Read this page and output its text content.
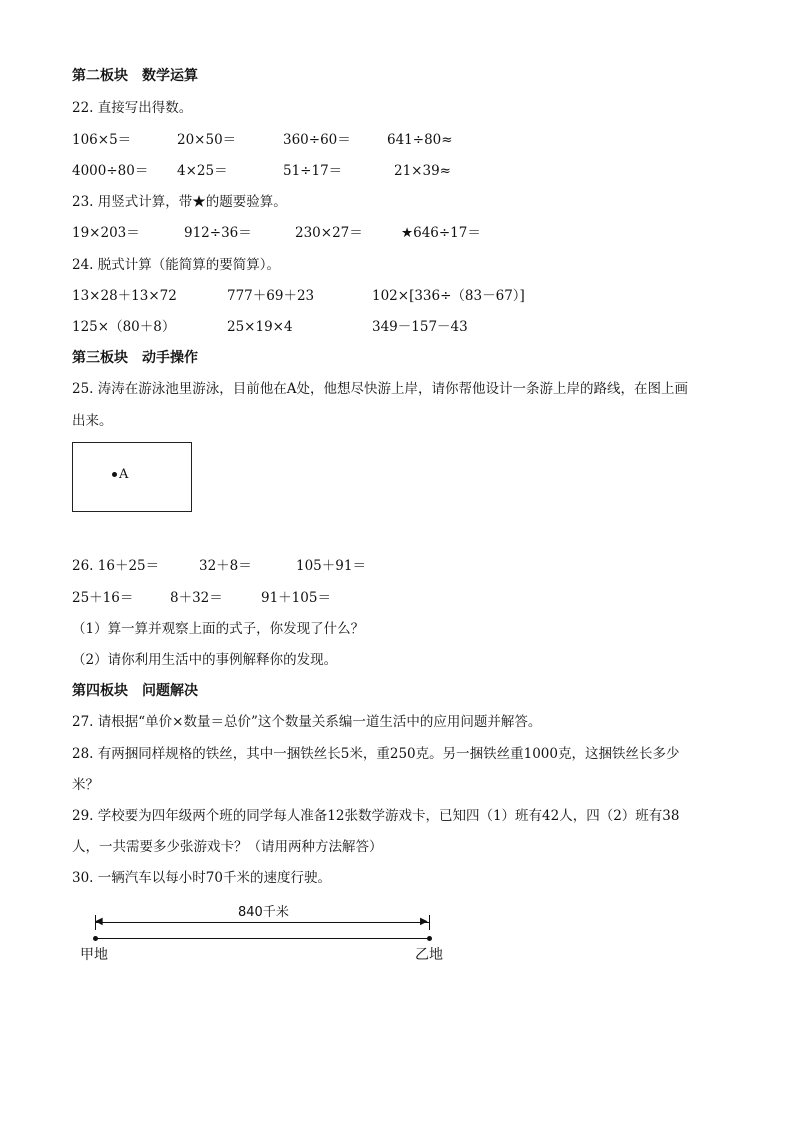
第二板块　数学运算
22. 直接写出得数。
106×5＝	20×50＝	360÷60＝	641÷80≈
4000÷80＝ 4×25＝	51÷17＝	21×39≈
23. 用竖式计算，带★的题要验算。
19×203＝	912÷36＝	230×27＝	★646÷17＝
24. 脱式计算（能简算的要简算）。
13×28＋13×72	777＋69＋23	102×[336÷（83－67）]
125×（80＋8）	25×19×4	349－157－43
第三板块　动手操作
25. 涛涛在游泳池里游泳，目前他在A处，他想尽快游上岸，请你帮他设计一条游上岸的路线，在图上画
出来。
A
26. 16＋25＝	32＋8＝	105＋91＝
25＋16＝	8＋32＝	91＋105＝
（1）算一算并观察上面的式子，你发现了什么？
（2）请你利用生活中的事例解释你的发现。
第四板块　问题解决
27. 请根据“单价×数量＝总价”这个数量关系编一道生活中的应用问题并解答。
28. 有两捆同样规格的铁丝，其中一捆铁丝长5米，重250克。另一捆铁丝重1000克，这捆铁丝长多少
米？
29. 学校要为四年级两个班的同学每人准备12张数学游戏卡，已知四（1）班有42人，四（2）班有38
人，一共需要多少张游戏卡？（请用两种方法解答）
30. 一辆汽车以每小时70千米的速度行驶。
840千米
◀	▶
甲地	乙地
